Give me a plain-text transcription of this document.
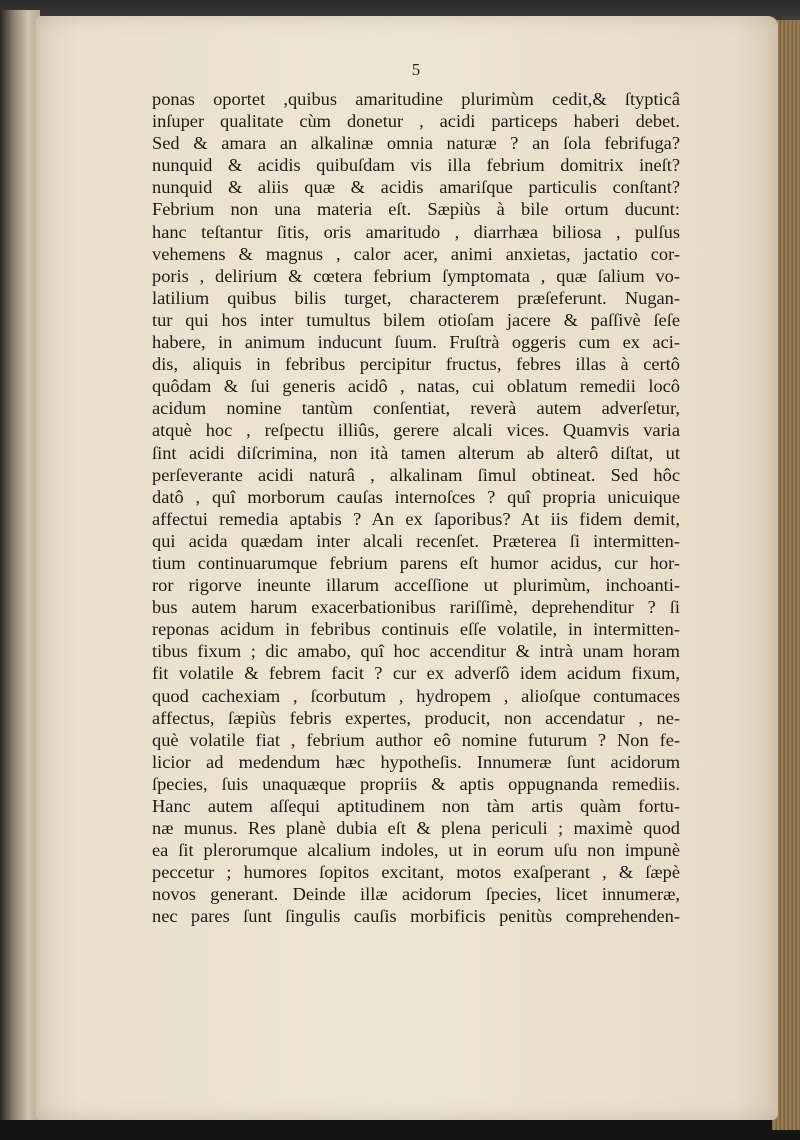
5
ponas oportet ,quibus amaritudine plurimùm cedit,& ſtypticâ
inſuper qualitate cùm donetur , acidi particeps haberi debet.
Sed & amara an alkalinæ omnia naturæ ? an ſola febrifuga?
nunquid & acidis quibuſdam vis illa febrium domitrix ineſt?
nunquid & aliis quæ & acidis amariſque particulis conſtant?
Febrium non una materia eſt. Sæpiùs à bile ortum ducunt:
hanc teſtantur ſitis, oris amaritudo , diarrhæa biliosa , pulſus
vehemens & magnus , calor acer, animi anxietas, jactatio cor-
poris , delirium & cœtera febrium ſymptomata , quæ ſalium vo-
latilium quibus bilis turget, characterem præſeferunt. Nugan-
tur qui hos inter tumultus bilem otioſam jacere & paſſivè ſeſe
habere, in animum inducunt ſuum. Fruſtrà oggeris cum ex aci-
dis, aliquis in febribus percipitur fructus, febres illas à certô
quôdam & ſui generis acidô , natas, cui oblatum remedii locô
acidum nomine tantùm conſentiat, reverà autem adverſetur,
atquè hoc , reſpectu illiûs, gerere alcali vices. Quamvis varia
ſint acidi diſcrimina, non ità tamen alterum ab alterô diſtat, ut
perſeverante acidi naturâ , alkalinam ſimul obtineat. Sed hôc
datô , quî morborum cauſas internoſces ? quî propria unicuique
affectui remedia aptabis ? An ex ſaporibus? At iis fidem demit,
qui acida quædam inter alcali recenſet. Præterea ſi intermitten-
tium continuarumque febrium parens eſt humor acidus, cur hor-
ror rigorve ineunte illarum acceſſione ut plurimùm, inchoanti-
bus autem harum exacerbationibus rariſſimè, deprehenditur ? ſi
reponas acidum in febribus continuis eſſe volatile, in intermitten-
tibus fixum ; dic amabo, quî hoc accenditur & intrà unam horam
fit volatile & febrem facit ? cur ex adverſô idem acidum fixum,
quod cachexiam , ſcorbutum , hydropem , alioſque contumaces
affectus, ſæpiùs febris expertes, producit, non accendatur , ne-
què volatile fiat , febrium author eô nomine futurum ? Non fe-
licior ad medendum hæc hypotheſis. Innumeræ ſunt acidorum
ſpecies, ſuis unaquæque propriis & aptis oppugnanda remediis.
Hanc autem aſſequi aptitudinem non tàm artis quàm fortu-
næ munus. Res planè dubia eſt & plena periculi ; maximè quod
ea ſit plerorumque alcalium indoles, ut in eorum uſu non impunè
peccetur ; humores ſopitos excitant, motos exaſperant , & ſæpè
novos generant. Deinde illæ acidorum ſpecies, licet innumeræ,
nec pares ſunt ſingulis cauſis morbificis penitùs comprehenden-
